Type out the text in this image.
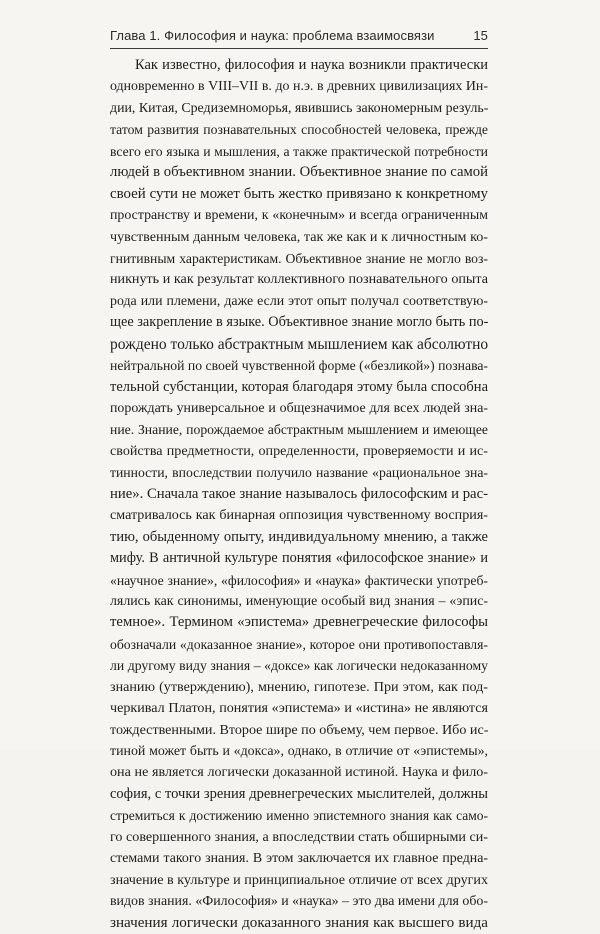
Глава 1. Философия и наука: проблема взаимосвязи	15
Как известно, философия и наука возникли практически
одновременно в VIII–VII в. до н.э. в древних цивилизациях Ин-
дии, Китая, Средиземноморья, явившись закономерным резуль-
татом развития познавательных способностей человека, прежде
всего его языка и мышления, а также практической потребности
людей в объективном знании. Объективное знание по самой
своей сути не может быть жестко привязано к конкретному
пространству и времени, к «конечным» и всегда ограниченным
чувственным данным человека, так же как и к личностным ко-
гнитивным характеристикам. Объективное знание не могло воз-
никнуть и как результат коллективного познавательного опыта
рода или племени, даже если этот опыт получал соответствую-
щее закрепление в языке. Объективное знание могло быть по-
рождено только абстрактным мышлением как абсолютно
нейтральной по своей чувственной форме («безликой») познава-
тельной субстанции, которая благодаря этому была способна
порождать универсальное и общезначимое для всех людей зна-
ние. Знание, порождаемое абстрактным мышлением и имеющее
свойства предметности, определенности, проверяемости и ис-
тинности, впоследствии получило название «рациональное зна-
ние». Сначала такое знание называлось философским и рас-
сматривалось как бинарная оппозиция чувственному восприя-
тию, обыденному опыту, индивидуальному мнению, а также
мифу. В античной культуре понятия «философское знание» и
«научное знание», «философия» и «наука» фактически употреб-
лялись как синонимы, именующие особый вид знания – «эпис-
темное». Термином «эпистема» древнегреческие философы
обозначали «доказанное знание», которое они противопоставля-
ли другому виду знания – «доксе» как логически недоказанному
знанию (утверждению), мнению, гипотезе. При этом, как под-
черкивал Платон, понятия «эпистема» и «истина» не являются
тождественными. Второе шире по объему, чем первое. Ибо ис-
тиной может быть и «докса», однако, в отличие от «эпистемы»,
она не является логически доказанной истиной. Наука и фило-
софия, с точки зрения древнегреческих мыслителей, должны
стремиться к достижению именно эпистемного знания как само-
го совершенного знания, а впоследствии стать обширными си-
стемами такого знания. В этом заключается их главное предна-
значение в культуре и принципиальное отличие от всех других
видов знания. «Философия» и «наука» – это два имени для обо-
значения логически доказанного знания как высшего вида
